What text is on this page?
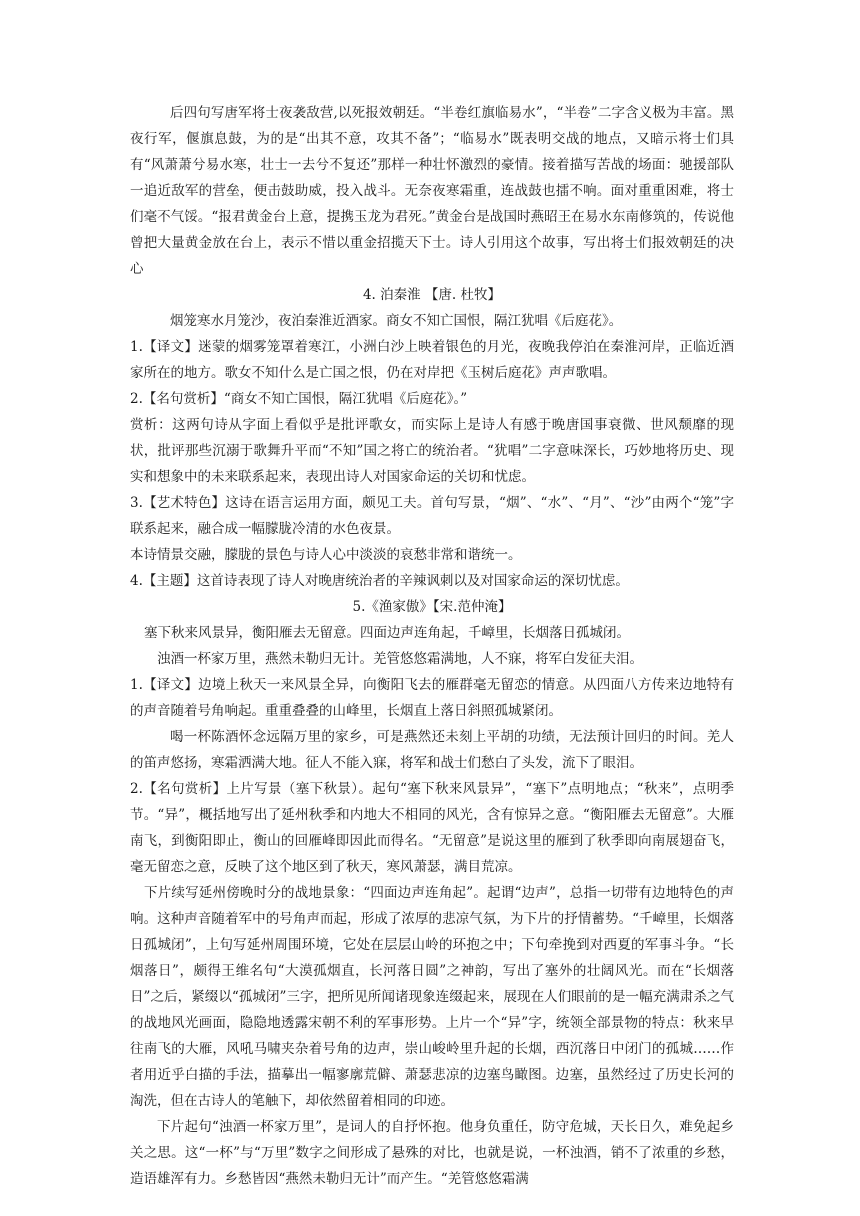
后四句写唐军将士夜袭敌营,以死报效朝廷。“半卷红旗临易水”，“半卷”二字含义极为丰富。黑夜行军，偃旗息鼓，为的是“出其不意，攻其不备”；“临易水”既表明交战的地点，又暗示将士们具有“风萧萧兮易水寒，壮士一去兮不复还”那样一种壮怀激烈的豪情。接着描写苦战的场面：驰援部队一追近敌军的营垒，便击鼓助威，投入战斗。无奈夜寒霜重，连战鼓也擂不响。面对重重困难，将士们毫不气馁。“报君黄金台上意，提携玉龙为君死。”黄金台是战国时燕昭王在易水东南修筑的，传说他曾把大量黄金放在台上，表示不惜以重金招揽天下士。诗人引用这个故事，写出将士们报效朝廷的决心

4. 泊秦淮 【唐. 杜牧】

烟笼寒水月笼沙，夜泊秦淮近酒家。商女不知亡国恨，隔江犹唱《后庭花》。

1.【译文】迷蒙的烟雾笼罩着寒江，小洲白沙上映着银色的月光，夜晚我停泊在秦淮河岸，正临近酒家所在的地方。歌女不知什么是亡国之恨，仍在对岸把《玉树后庭花》声声歌唱。

2.【名句赏析】“商女不知亡国恨，隔江犹唱《后庭花》。”

赏析：这两句诗从字面上看似乎是批评歌女，而实际上是诗人有感于晚唐国事衰微、世风颓靡的现状，批评那些沉溺于歌舞升平而“不知”国之将亡的统治者。“犹唱”二字意味深长，巧妙地将历史、现实和想象中的未来联系起来，表现出诗人对国家命运的关切和忧虑。

3.【艺术特色】这诗在语言运用方面，颇见工夫。首句写景，“烟”、“水”、“月”、“沙”由两个“笼”字联系起来，融合成一幅朦胧冷清的水色夜景。

本诗情景交融，朦胧的景色与诗人心中淡淡的哀愁非常和谐统一。

4.【主题】这首诗表现了诗人对晚唐统治者的辛辣讽刺以及对国家命运的深切忧虑。

5.《渔家傲》【宋.范仲淹】

塞下秋来风景异，衡阳雁去无留意。四面边声连角起，千嶂里，长烟落日孤城闭。

浊酒一杯家万里，燕然未勒归无计。羌管悠悠霜满地，人不寐，将军白发征夫泪。

1.【译文】边境上秋天一来风景全异，向衡阳飞去的雁群毫无留恋的情意。从四面八方传来边地特有的声音随着号角响起。重重叠叠的山峰里，长烟直上落日斜照孤城紧闭。

喝一杯陈酒怀念远隔万里的家乡，可是燕然还未刻上平胡的功绩，无法预计回归的时间。羌人的笛声悠扬，寒霜洒满大地。征人不能入寐，将军和战士们愁白了头发，流下了眼泪。

2.【名句赏析】上片写景（塞下秋景）。起句“塞下秋来风景异”，“塞下”点明地点；“秋来”，点明季节。“异”，概括地写出了延州秋季和内地大不相同的风光，含有惊异之意。“衡阳雁去无留意”。大雁南飞，到衡阳即止，衡山的回雁峰即因此而得名。“无留意”是说这里的雁到了秋季即向南展翅奋飞，毫无留恋之意，反映了这个地区到了秋天，寒风萧瑟，满目荒凉。

下片续写延州傍晚时分的战地景象：“四面边声连角起”。起谓“边声”，总指一切带有边地特色的声响。这种声音随着军中的号角声而起，形成了浓厚的悲凉气氛，为下片的抒情蓄势。“千嶂里，长烟落日孤城闭”，上句写延州周围环境，它处在层层山岭的环抱之中；下句牵挽到对西夏的军事斗争。“长烟落日”，颇得王维名句“大漠孤烟直，长河落日圆”之神韵，写出了塞外的壮阔风光。而在“长烟落日”之后，紧缀以“孤城闭”三字，把所见所闻诸现象连缀起来，展现在人们眼前的是一幅充满肃杀之气的战地风光画面，隐隐地透露宋朝不利的军事形势。上片一个“异”字，统领全部景物的特点：秋来早往南飞的大雁，风吼马啸夹杂着号角的边声，崇山峻岭里升起的长烟，西沉落日中闭门的孤城……作者用近乎白描的手法，描摹出一幅寥廓荒僻、萧瑟悲凉的边塞鸟瞰图。边塞，虽然经过了历史长河的淘洗，但在古诗人的笔触下，却依然留着相同的印迹。

下片起句“浊酒一杯家万里”，是词人的自抒怀抱。他身负重任，防守危城，天长日久，难免起乡关之思。这“一杯”与“万里”数字之间形成了悬殊的对比，也就是说，一杯浊酒，销不了浓重的乡愁，造语雄浑有力。乡愁皆因“燕然未勒归无计”而产生。“羌管悠悠霜满
